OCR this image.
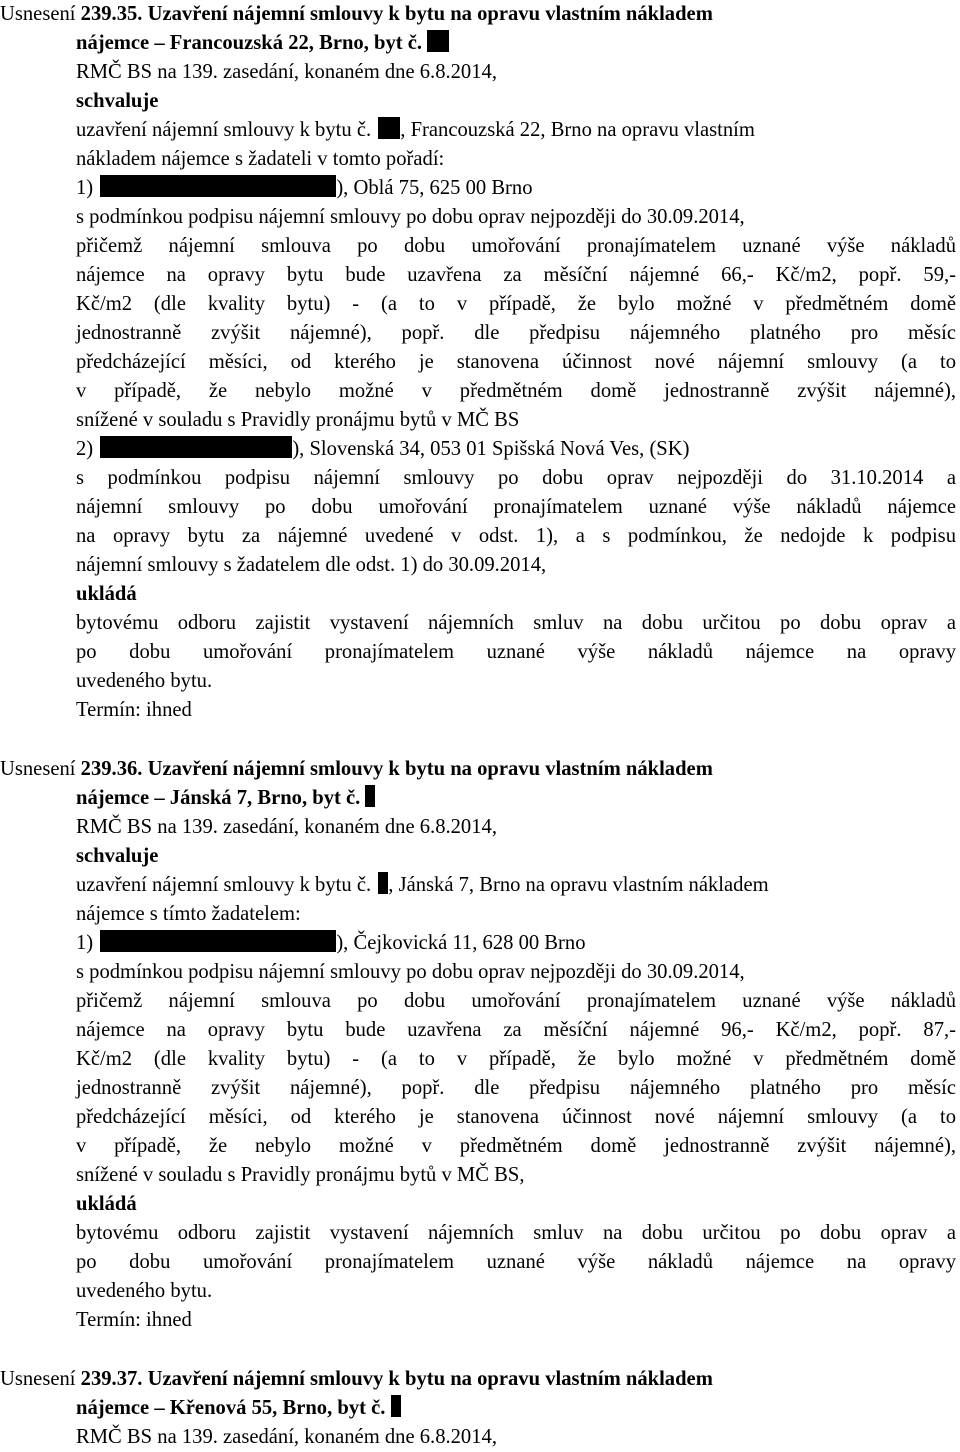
Usnesení 239.35. Uzavření nájemní smlouvy k bytu na opravu vlastním nákladem
nájemce – Francouzská 22, Brno, byt č.
RMČ BS na 139. zasedání, konaném dne 6.8.2014,
schvaluje
uzavření nájemní smlouvy k bytu č. , Francouzská 22, Brno na opravu vlastním
nákladem nájemce s žadateli v tomto pořadí:
1)	), Oblá 75, 625 00 Brno
s podmínkou podpisu nájemní smlouvy po dobu oprav nejpozději do 30.09.2014,
přičemž nájemní smlouva po dobu umořování pronajímatelem uznané výše nákladů
nájemce na opravy bytu bude uzavřena za měsíční nájemné 66,- Kč/m2, popř. 59,-
Kč/m2 (dle kvality bytu) - (a to v případě, že bylo možné v předmětném domě
jednostranně zvýšit nájemné), popř. dle předpisu nájemného platného pro měsíc
předcházející měsíci, od kterého je stanovena účinnost nové nájemní smlouvy (a to
v případě, že nebylo možné v předmětném domě jednostranně zvýšit nájemné),
snížené v souladu s Pravidly pronájmu bytů v MČ BS
2)	), Slovenská 34, 053 01 Spišská Nová Ves, (SK)
s podmínkou podpisu nájemní smlouvy po dobu oprav nejpozději do 31.10.2014 a
nájemní smlouvy po dobu umořování pronajímatelem uznané výše nákladů nájemce
na opravy bytu za nájemné uvedené v odst. 1), a s podmínkou, že nedojde k podpisu
nájemní smlouvy s žadatelem dle odst. 1) do 30.09.2014,
ukládá
bytovému odboru zajistit vystavení nájemních smluv na dobu určitou po dobu oprav a
po dobu umořování pronajímatelem uznané výše nákladů nájemce na opravy
uvedeného bytu.
Termín: ihned
Usnesení 239.36. Uzavření nájemní smlouvy k bytu na opravu vlastním nákladem
nájemce – Jánská 7, Brno, byt č.
RMČ BS na 139. zasedání, konaném dne 6.8.2014,
schvaluje
uzavření nájemní smlouvy k bytu č. , Jánská 7, Brno na opravu vlastním nákladem
nájemce s tímto žadatelem:
1)	), Čejkovická 11, 628 00 Brno
s podmínkou podpisu nájemní smlouvy po dobu oprav nejpozději do 30.09.2014,
přičemž nájemní smlouva po dobu umořování pronajímatelem uznané výše nákladů
nájemce na opravy bytu bude uzavřena za měsíční nájemné 96,- Kč/m2, popř. 87,-
Kč/m2 (dle kvality bytu) - (a to v případě, že bylo možné v předmětném domě
jednostranně zvýšit nájemné), popř. dle předpisu nájemného platného pro měsíc
předcházející měsíci, od kterého je stanovena účinnost nové nájemní smlouvy (a to
v případě, že nebylo možné v předmětném domě jednostranně zvýšit nájemné),
snížené v souladu s Pravidly pronájmu bytů v MČ BS,
ukládá
bytovému odboru zajistit vystavení nájemních smluv na dobu určitou po dobu oprav a
po dobu umořování pronajímatelem uznané výše nákladů nájemce na opravy
uvedeného bytu.
Termín: ihned
Usnesení 239.37. Uzavření nájemní smlouvy k bytu na opravu vlastním nákladem
nájemce – Křenová 55, Brno, byt č.
RMČ BS na 139. zasedání, konaném dne 6.8.2014,
